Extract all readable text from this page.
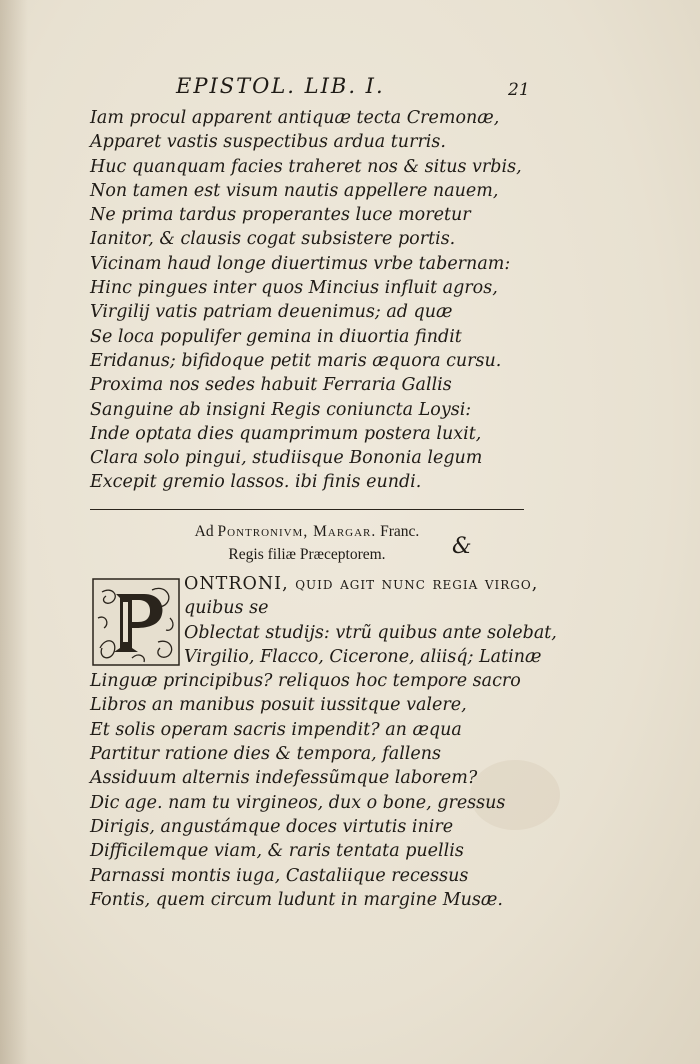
EPISTOL. LIB. I.	21
Iam procul apparent antiquæ tecta Cremonæ,
Apparet vastis suspectibus ardua turris.
Huc quanquam facies traheret nos & situs vrbis,
Non tamen est visum nautis appellere nauem,
Ne prima tardus properantes luce moretur
Ianitor, & clausis cogat subsistere portis.
Vicinam haud longe diuertimus vrbe tabernam:
Hinc pingues inter quos Mincius influit agros,
Virgilij vatis patriam deuenimus; ad quæ
Se loca populifer gemina in diuortia findit
Eridanus; bifidoque petit maris æquora cursu.
Proxima nos sedes habuit Ferraria Gallis
Sanguine ab insigni Regis coniuncta Loysi:
Inde optata dies quamprimum postera luxit,
Clara solo pingui, studiisque Bononia legum
Excepit gremio lassos. ibi finis eundi.
Ad Pontronivm, Margar. Franc.
Regis filiæ Præceptorem.	&
ONTRONI, quid agit nunc regia virgo,
quibus se
Oblectat studijs: vtrũ quibus ante solebat,
Virgilio, Flacco, Cicerone, aliisq́; Latinæ
Linguæ principibus? reliquos hoc tempore sacro
Libros an manibus posuit iussitque valere,
Et solis operam sacris impendit? an æqua
Partitur ratione dies & tempora, fallens
Assiduum alternis indefessũmque laborem?
Dic age. nam tu virgineos, dux o bone, gressus
Dirigis, angustámque doces virtutis inire
Difficilemque viam, & raris tentata puellis
Parnassi montis iuga, Castaliique recessus
Fontis, quem circum ludunt in margine Musæ.
